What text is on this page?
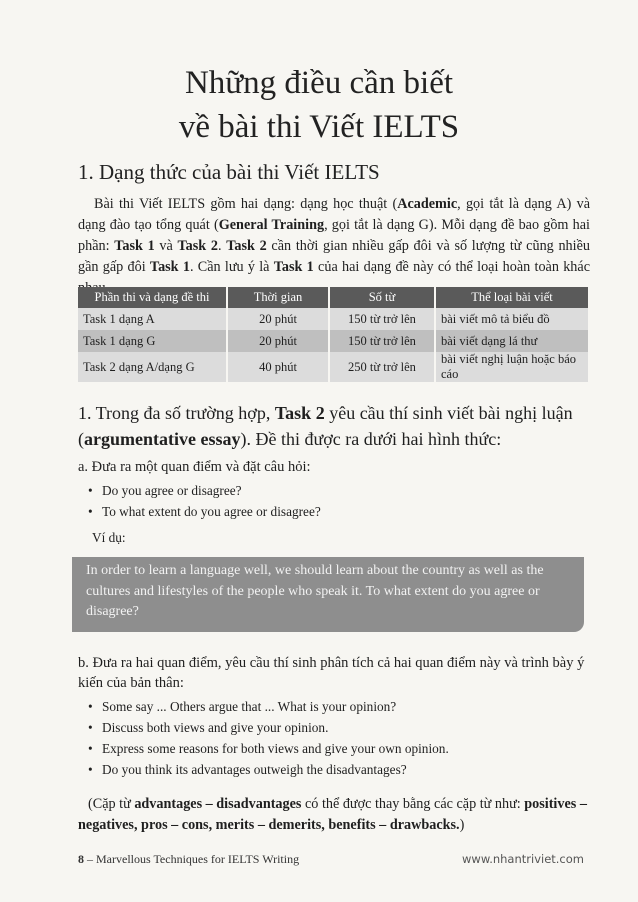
Những điều cần biết
về bài thi Viết IELTS
1. Dạng thức của bài thi Viết IELTS
Bài thi Viết IELTS gồm hai dạng: dạng học thuật (Academic, gọi tắt là dạng A) và dạng đào tạo tổng quát (General Training, gọi tắt là dạng G). Mỗi dạng đề bao gồm hai phần: Task 1 và Task 2. Task 2 cần thời gian nhiều gấp đôi và số lượng từ cũng nhiều gần gấp đôi Task 1. Cần lưu ý là Task 1 của hai dạng đề này có thể loại hoàn toàn khác
Phần thi và dạng đề thi	Thời gian	Số từ	Thể loại bài viết
Task 1 dạng A	20 phút	150 từ trở lên	bài viết mô tả biểu đồ
Task 1 dạng G	20 phút	150 từ trở lên	bài viết dạng lá thư
Task 2 dạng A/dạng G	40 phút	250 từ trở lên	bài viết nghị luận hoặc báo cáo
1. Trong đa số trường hợp, Task 2 yêu cầu thí sinh viết bài nghị luận (argumentative essay). Đề thi được ra dưới hai hình thức:
a. Đưa ra một quan điểm và đặt câu hỏi:
• Do you agree or disagree?
• To what extent do you agree or disagree?
Ví dụ:
In order to learn a language well, we should learn about the country as well as the cultures and lifestyles of the people who speak it. To what extent do you agree or disagree?
b. Đưa ra hai quan điểm, yêu cầu thí sinh phân tích cả hai quan điểm này và trình bày ý kiến của bản thân:
• Some say ... Others argue that ... What is your opinion?
• Discuss both views and give your opinion.
• Express some reasons for both views and give your own opinion.
• Do you think its advantages outweigh the disadvantages?
(Cặp từ advantages – disadvantages có thể được thay bằng các cặp từ như: positives – negatives, pros – cons, merits – demerits, benefits – drawbacks.)
8 – Marvellous Techniques for IELTS Writing	www.nhantriviet.com
